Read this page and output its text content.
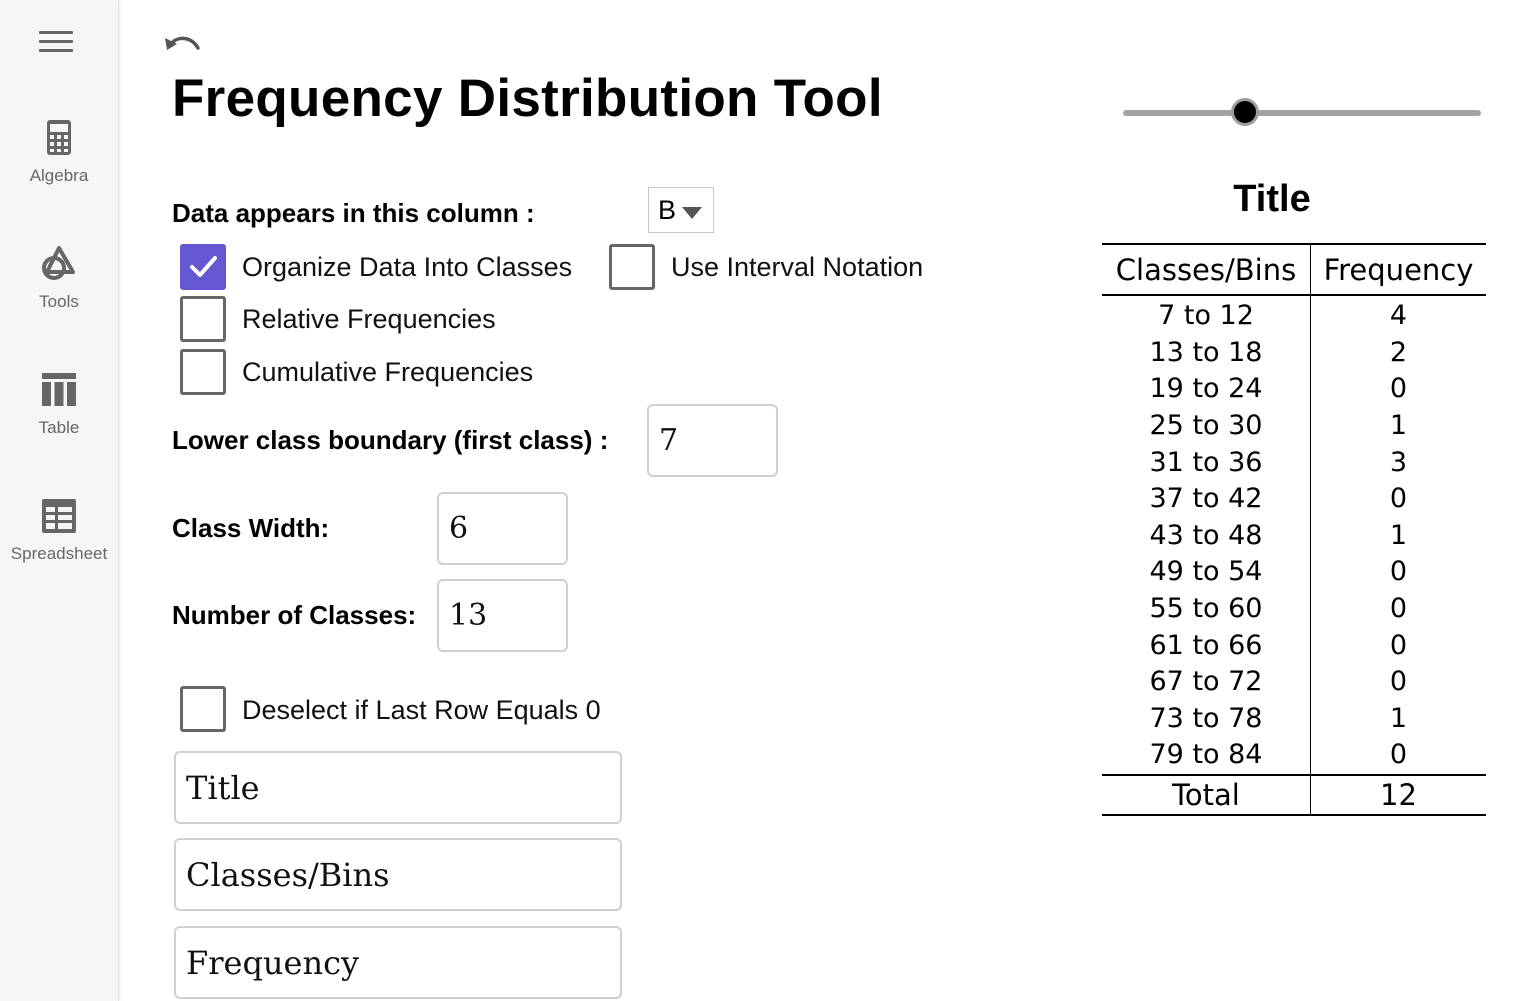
Algebra
Tools
Table
Spreadsheet
Frequency Distribution Tool
Data appears in this column :	B
Organize Data Into Classes	Use Interval Notation
Relative Frequencies
Cumulative Frequencies
Lower class boundary (first class) : 7
Class Width:	6
Number of Classes: 13
Deselect if Last Row Equals 0
Title
Classes/Bins
Frequency
Title
Classes/Bins	Frequency
7 to 12	4
13 to 18	2
19 to 24	0
25 to 30	1
31 to 36	3
37 to 42	0
43 to 48	1
49 to 54	0
55 to 60	0
61 to 66	0
67 to 72	0
73 to 78	1
79 to 84	0
Total	12
